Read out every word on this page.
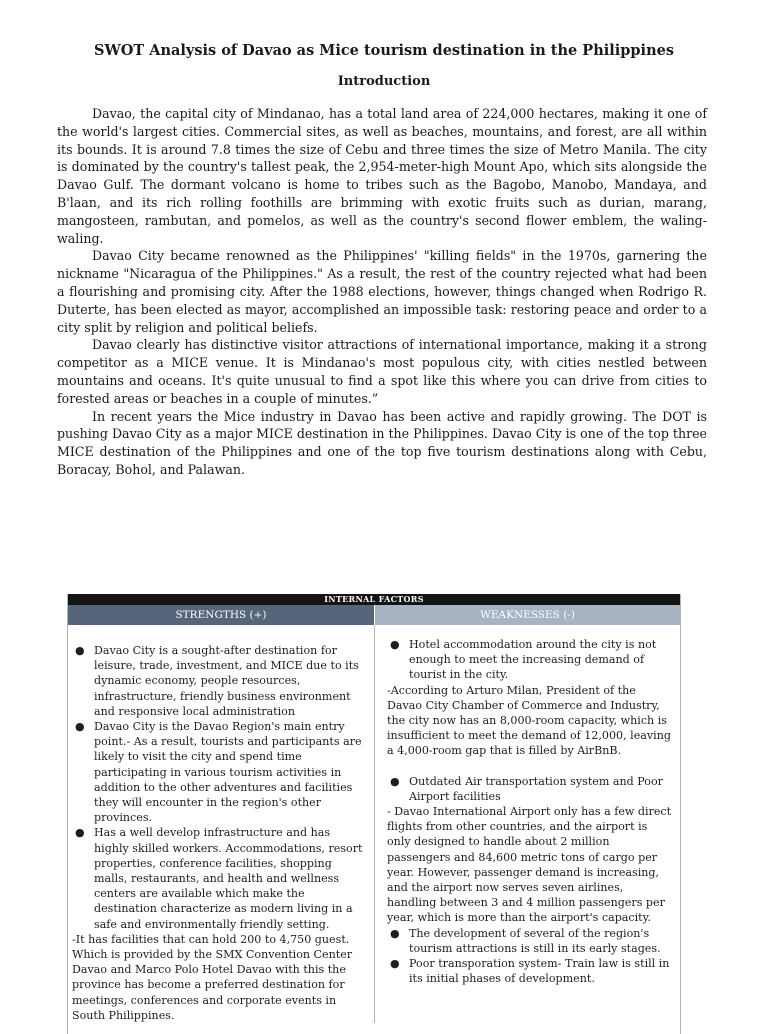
SWOT Analysis of Davao as Mice tourism destination in the Philippines
Introduction

Davao, the capital city of Mindanao, has a total land area of 224,000 hectares, making it one of the world's largest cities. Commercial sites, as well as beaches, mountains, and forest, are all within its bounds. It is around 7.8 times the size of Cebu and three times the size of Metro Manila. The city is dominated by the country's tallest peak, the 2,954-meter-high Mount Apo, which sits alongside the Davao Gulf. The dormant volcano is home to tribes such as the Bagobo, Manobo, Mandaya, and B'laan, and its rich rolling foothills are brimming with exotic fruits such as durian, marang, mangosteen, rambutan, and pomelos, as well as the country's second flower emblem, the waling-waling.

Davao City became renowned as the Philippines' "killing fields" in the 1970s, garnering the nickname "Nicaragua of the Philippines." As a result, the rest of the country rejected what had been a flourishing and promising city. After the 1988 elections, however, things changed when Rodrigo R. Duterte, has been elected as mayor, accomplished an impossible task: restoring peace and order to a city split by religion and political beliefs.

Davao clearly has distinctive visitor attractions of international importance, making it a strong competitor as a MICE venue. It is Mindanao's most populous city, with cities nestled between mountains and oceans. It's quite unusual to find a spot like this where you can drive from cities to forested areas or beaches in a couple of minutes.”

In recent years the Mice industry in Davao has been active and rapidly growing. The DOT is pushing Davao City as a major MICE destination in the Philippines. Davao City is one of the top three MICE destination of the Philippines and one of the top five tourism destinations along with Cebu, Boracay, Bohol, and Palawan.

INTERNAL FACTORS
STRENGTHS (+)	WEAKNESSES (-)
● Davao City is a sought-after destination for leisure, trade, investment, and MICE due to its dynamic economy, people resources, infrastructure, friendly business environment and responsive local administration
● Davao City is the Davao Region's main entry point.- As a result, tourists and participants are likely to visit the city and spend time participating in various tourism activities in addition to the other adventures and facilities they will encounter in the region's other provinces.
● Has a well develop infrastructure and has highly skilled workers. Accommodations, resort properties, conference facilities, shopping malls, restaurants, and health and wellness centers are available which make the destination characterize as modern living in a safe and environmentally friendly setting.

-It has facilities that can hold 200 to 4,750 guest. Which is provided by the SMX Convention Center Davao and Marco Polo Hotel Davao with this the province has become a preferred destination for meetings, conferences and corporate events in South Philippines.

● Hotel accommodation around the city is not enough to meet the increasing demand of tourist in the city.

-According to Arturo Milan, President of the Davao City Chamber of Commerce and Industry, the city now has an 8,000-room capacity, which is insufficient to meet the demand of 12,000, leaving a 4,000-room gap that is filled by AirBnB.

● Outdated Air transportation system and Poor Airport facilities

- Davao International Airport only has a few direct flights from other countries, and the airport is only designed to handle about 2 million passengers and 84,600 metric tons of cargo per year. However, passenger demand is increasing, and the airport now serves seven airlines, handling between 3 and 4 million passengers per year, which is more than the airport's capacity.

● The development of several of the region's tourism attractions is still in its early stages.
● Poor transporation system- Train law is still in its initial phases of development.
